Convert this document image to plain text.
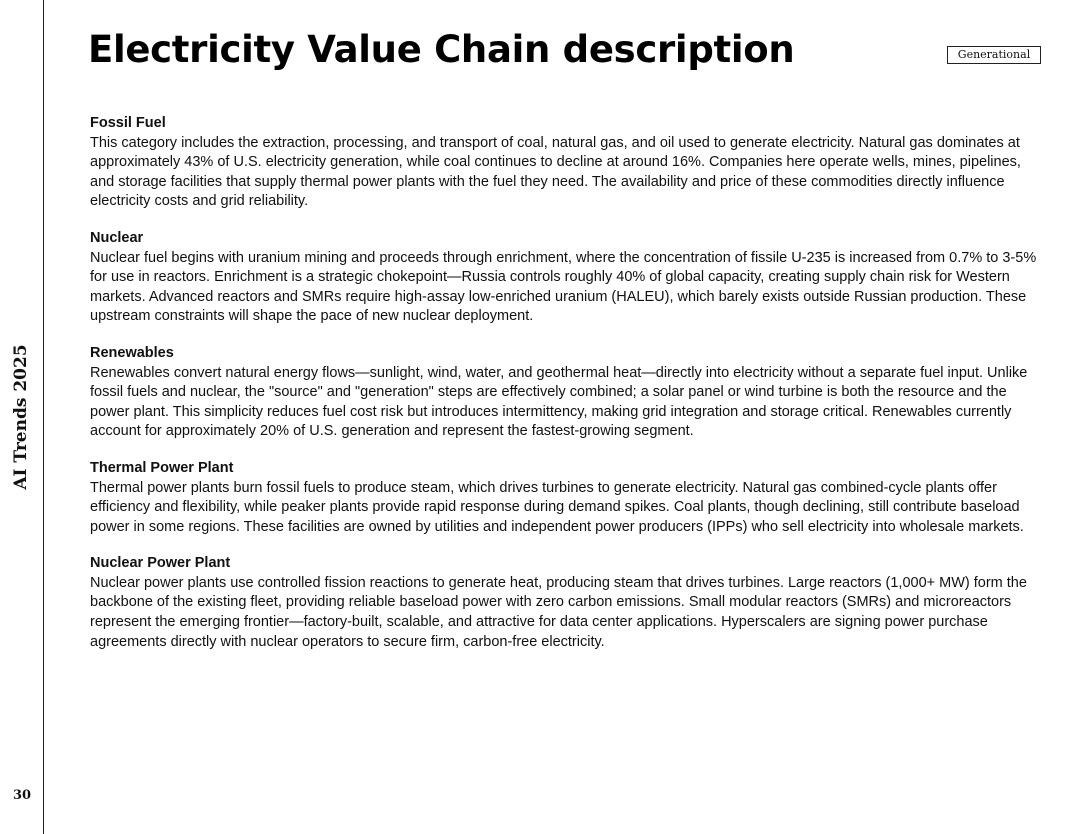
AI Trends 2025
30
Electricity Value Chain description	Generational
Fossil Fuel

This category includes the extraction, processing, and transport of coal, natural gas, and oil used to generate electricity. Natural gas dominates at approximately 43% of U.S. electricity generation, while coal continues to decline at around 16%. Companies here operate wells, mines, pipelines, and storage facilities that supply thermal power plants with the fuel they need. The availability and price of these commodities directly influence electricity costs and grid reliability.

Nuclear

Nuclear fuel begins with uranium mining and proceeds through enrichment, where the concentration of fissile U-235 is increased from 0.7% to 3-5% for use in reactors. Enrichment is a strategic chokepoint—Russia controls roughly 40% of global capacity, creating supply chain risk for Western markets. Advanced reactors and SMRs require high-assay low-enriched uranium (HALEU), which barely exists outside Russian production. These upstream constraints will shape the pace of new nuclear deployment.

Renewables

Renewables convert natural energy flows—sunlight, wind, water, and geothermal heat—directly into electricity without a separate fuel input. Unlike fossil fuels and nuclear, the "source" and "generation" steps are effectively combined; a solar panel or wind turbine is both the resource and the power plant. This simplicity reduces fuel cost risk but introduces intermittency, making grid integration and storage critical. Renewables currently account for approximately 20% of U.S. generation and represent the fastest-growing segment.

Thermal Power Plant

Thermal power plants burn fossil fuels to produce steam, which drives turbines to generate electricity. Natural gas combined-cycle plants offer efficiency and flexibility, while peaker plants provide rapid response during demand spikes. Coal plants, though declining, still contribute baseload power in some regions. These facilities are owned by utilities and independent power producers (IPPs) who sell electricity into wholesale markets.

Nuclear Power Plant

Nuclear power plants use controlled fission reactions to generate heat, producing steam that drives turbines. Large reactors (1,000+ MW) form the backbone of the existing fleet, providing reliable baseload power with zero carbon emissions. Small modular reactors (SMRs) and microreactors represent the emerging frontier—factory-built, scalable, and attractive for data center applications. Hyperscalers are signing power purchase agreements directly with nuclear operators to secure firm, carbon-free electricity.
